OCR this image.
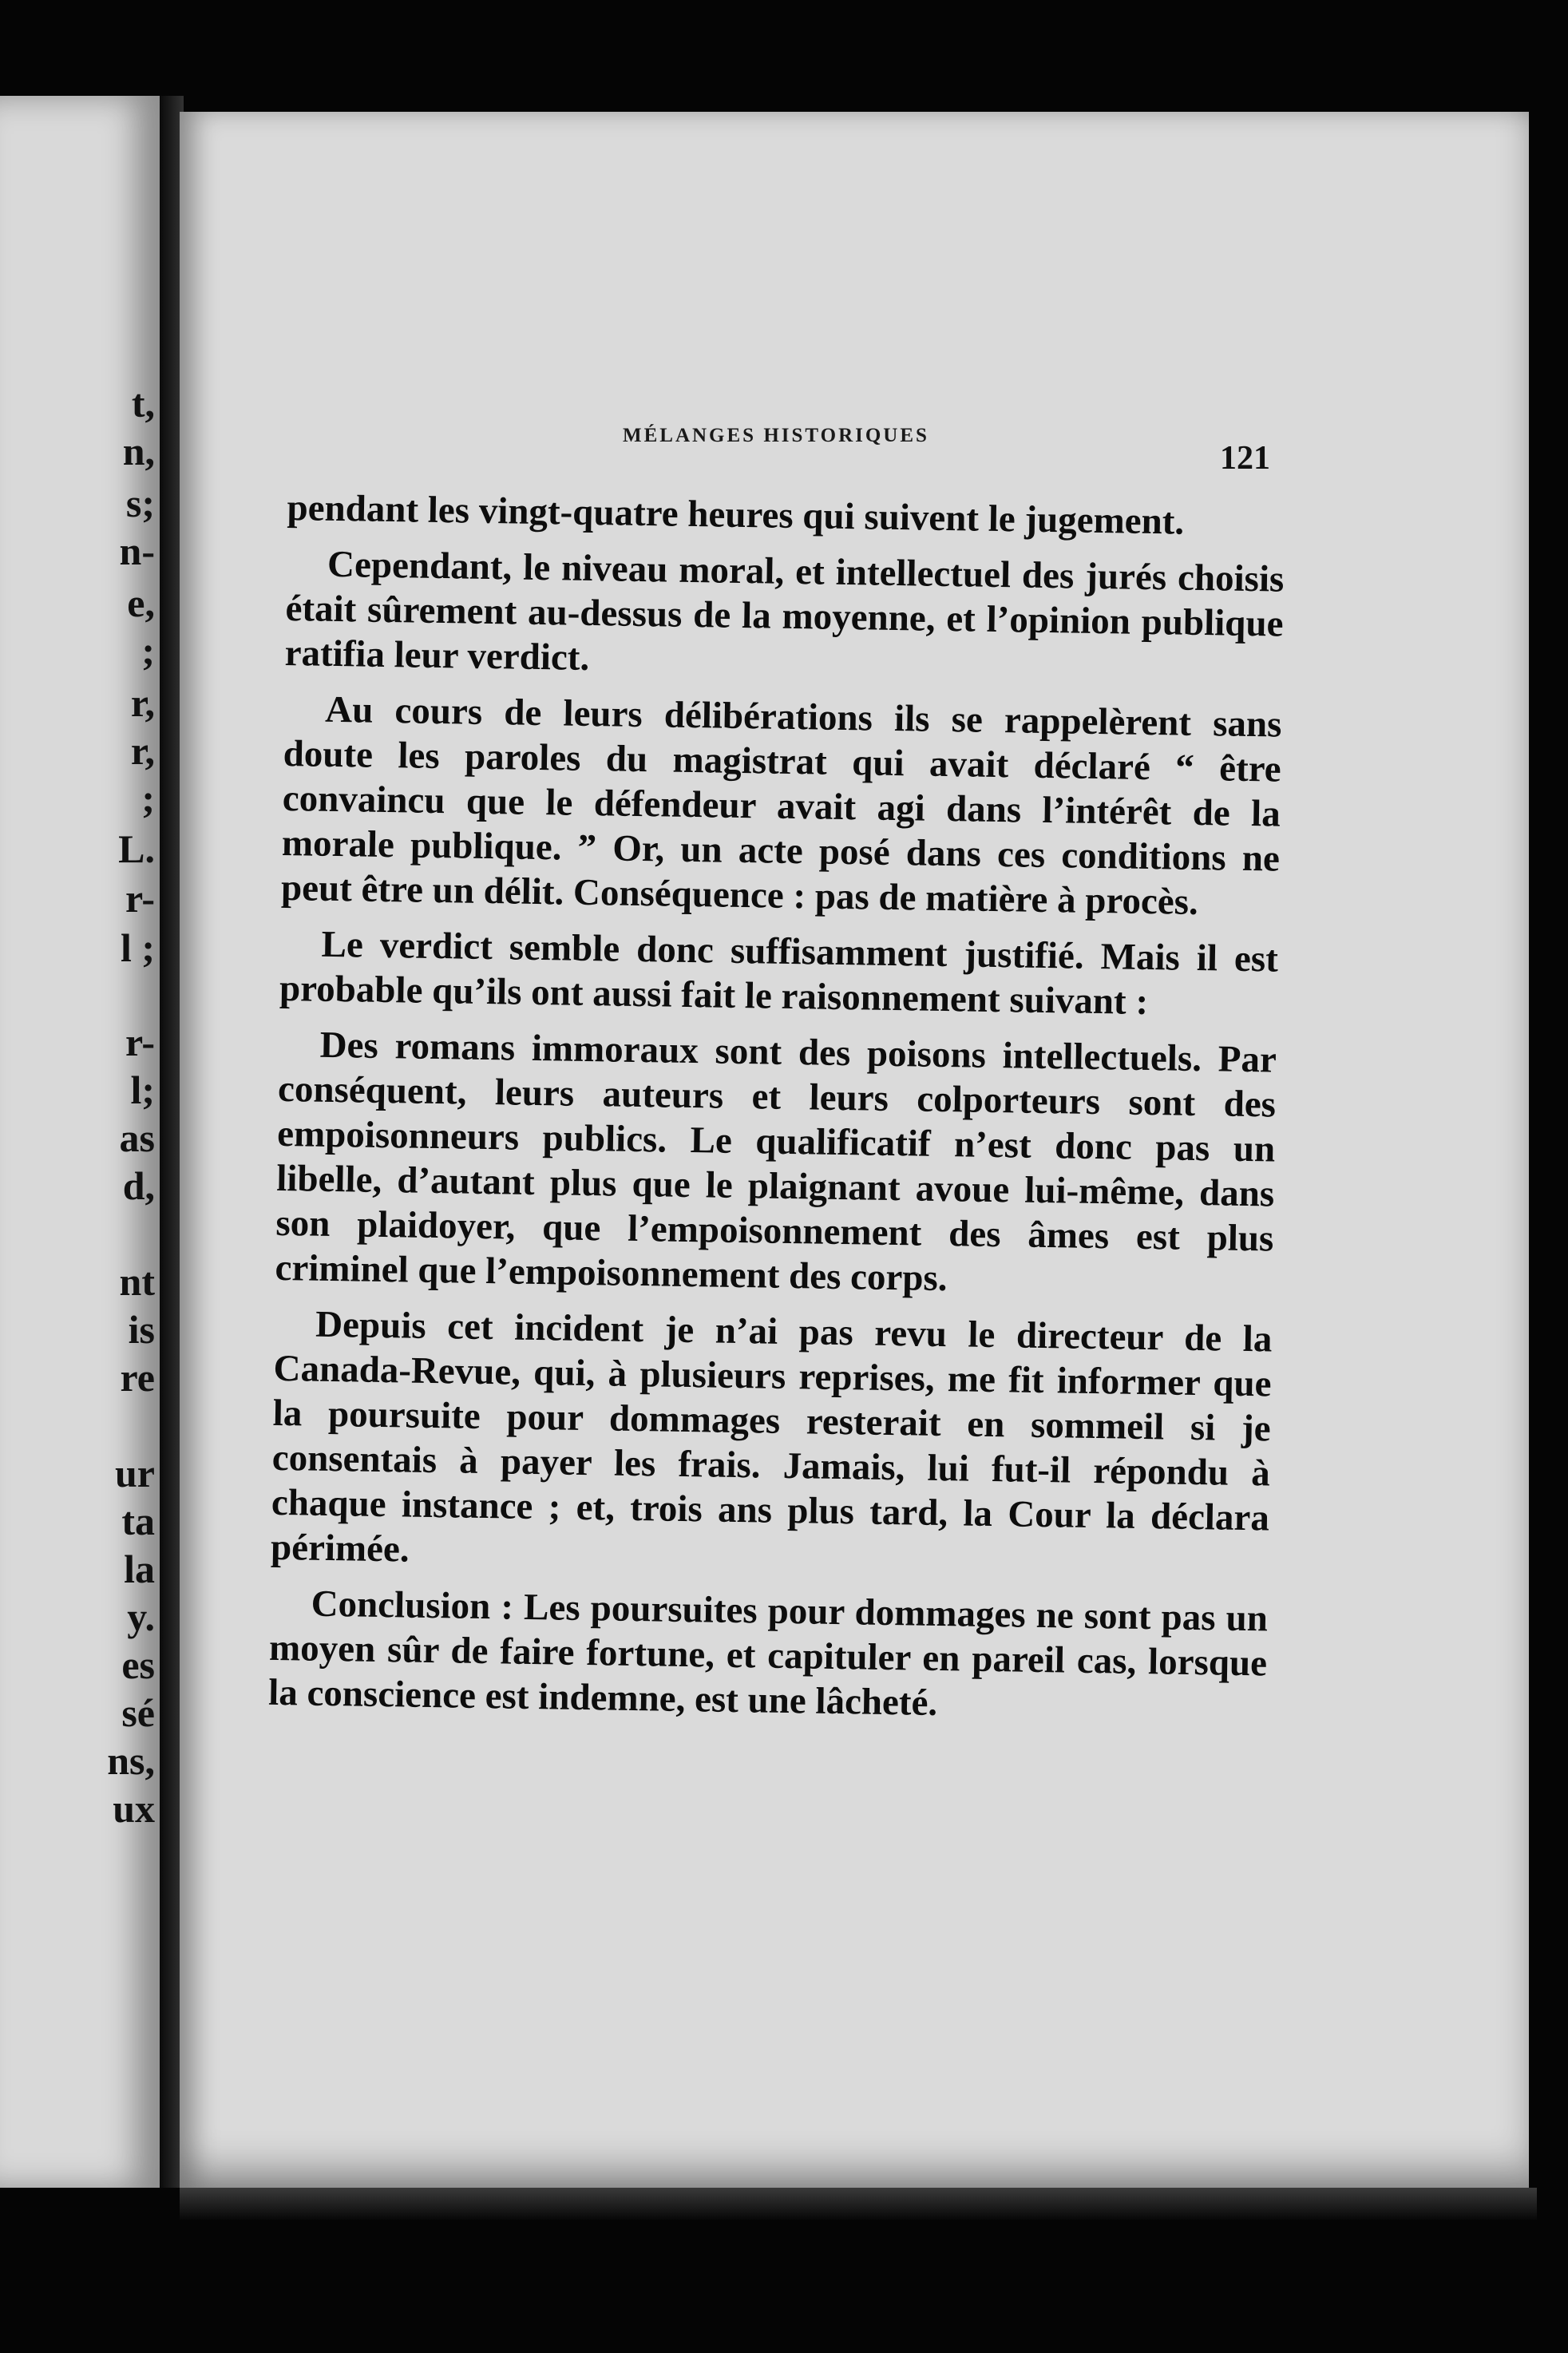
t,

n,

s;

n-

e,

;

r,

r,

;

L.

r-

l ;

r-

l;

as

d,

nt

is

re

ur

ta

la

y.

es

sé

ns,

ux

MÉLANGES HISTORIQUES

121

pendant les vingt-quatre heures qui suivent le jugement.

Cependant, le niveau moral, et intellectuel des jurés choisis était sûrement au-dessus de la moyenne, et l’opinion publique ratifia leur verdict.

Au cours de leurs délibérations ils se rappelèrent sans doute les paroles du magistrat qui avait déclaré “ être convaincu que le défendeur avait agi dans l’intérêt de la morale publique. ” Or, un acte posé dans ces conditions ne peut être un délit. Conséquence : pas de matière à procès.

Le verdict semble donc suffisamment justifié. Mais il est probable qu’ils ont aussi fait le raisonnement suivant :

Des romans immoraux sont des poisons intellectuels. Par conséquent, leurs auteurs et leurs colporteurs sont des empoisonneurs publics. Le qualificatif n’est donc pas un libelle, d’autant plus que le plaignant avoue lui-même, dans son plaidoyer, que l’empoisonnement des âmes est plus criminel que l’empoisonnement des corps.

Depuis cet incident je n’ai pas revu le directeur de la Canada-Revue, qui, à plusieurs reprises, me fit informer que la poursuite pour dommages resterait en sommeil si je consentais à payer les frais. Jamais, lui fut-il répondu à chaque instance ; et, trois ans plus tard, la Cour la déclara périmée.

Conclusion : Les poursuites pour dommages ne sont pas un moyen sûr de faire fortune, et capituler en pareil cas, lorsque la conscience est indemne, est une lâcheté.
